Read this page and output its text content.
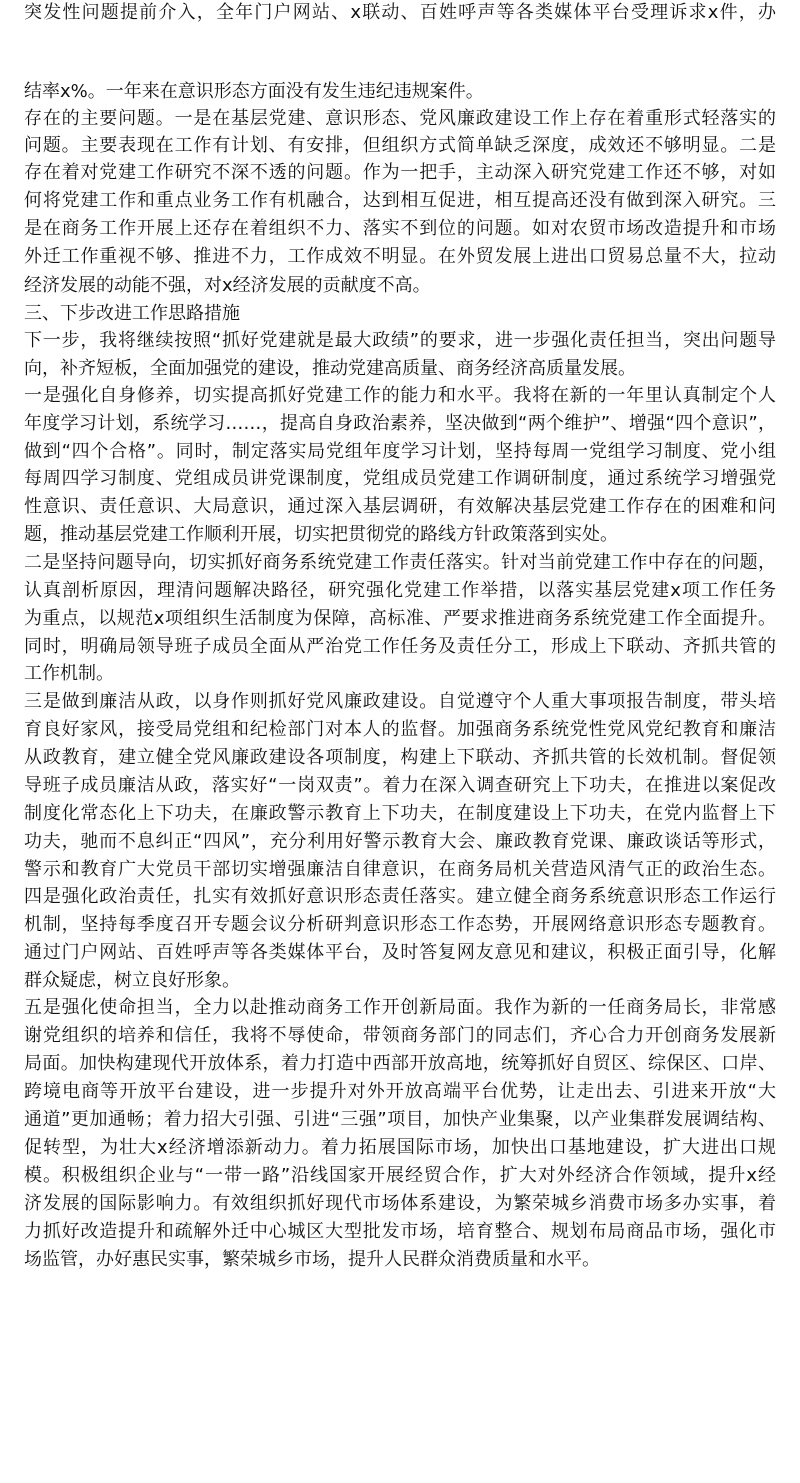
突发性问题提前介入，全年门户网站、x联动、百姓呼声等各类媒体平台受理诉求x件，办
结率x%。一年来在意识形态方面没有发生违纪违规案件。
存在的主要问题。一是在基层党建、意识形态、党风廉政建设工作上存在着重形式轻落实的
问题。主要表现在工作有计划、有安排，但组织方式简单缺乏深度，成效还不够明显。二是
存在着对党建工作研究不深不透的问题。作为一把手，主动深入研究党建工作还不够，对如
何将党建工作和重点业务工作有机融合，达到相互促进，相互提高还没有做到深入研究。三
是在商务工作开展上还存在着组织不力、落实不到位的问题。如对农贸市场改造提升和市场
外迁工作重视不够、推进不力，工作成效不明显。在外贸发展上进出口贸易总量不大，拉动
经济发展的动能不强，对x经济发展的贡献度不高。
三、下步改进工作思路措施
下一步，我将继续按照“抓好党建就是最大政绩”的要求，进一步强化责任担当，突出问题导
向，补齐短板，全面加强党的建设，推动党建高质量、商务经济高质量发展。
一是强化自身修养，切实提高抓好党建工作的能力和水平。我将在新的一年里认真制定个人
年度学习计划，系统学习……，提高自身政治素养，坚决做到“两个维护”、增强“四个意识”，
做到“四个合格”。同时，制定落实局党组年度学习计划，坚持每周一党组学习制度、党小组
每周四学习制度、党组成员讲党课制度，党组成员党建工作调研制度，通过系统学习增强党
性意识、责任意识、大局意识，通过深入基层调研，有效解决基层党建工作存在的困难和问
题，推动基层党建工作顺利开展，切实把贯彻党的路线方针政策落到实处。
二是坚持问题导向，切实抓好商务系统党建工作责任落实。针对当前党建工作中存在的问题，
认真剖析原因，理清问题解决路径，研究强化党建工作举措，以落实基层党建x项工作任务
为重点，以规范x项组织生活制度为保障，高标准、严要求推进商务系统党建工作全面提升。
同时，明确局领导班子成员全面从严治党工作任务及责任分工，形成上下联动、齐抓共管的
工作机制。
三是做到廉洁从政，以身作则抓好党风廉政建设。自觉遵守个人重大事项报告制度，带头培
育良好家风，接受局党组和纪检部门对本人的监督。加强商务系统党性党风党纪教育和廉洁
从政教育，建立健全党风廉政建设各项制度，构建上下联动、齐抓共管的长效机制。督促领
导班子成员廉洁从政，落实好“一岗双责”。着力在深入调查研究上下功夫，在推进以案促改
制度化常态化上下功夫，在廉政警示教育上下功夫，在制度建设上下功夫，在党内监督上下
功夫，驰而不息纠正“四风”，充分利用好警示教育大会、廉政教育党课、廉政谈话等形式，
警示和教育广大党员干部切实增强廉洁自律意识，在商务局机关营造风清气正的政治生态。
四是强化政治责任，扎实有效抓好意识形态责任落实。建立健全商务系统意识形态工作运行
机制，坚持每季度召开专题会议分析研判意识形态工作态势，开展网络意识形态专题教育。
通过门户网站、百姓呼声等各类媒体平台，及时答复网友意见和建议，积极正面引导，化解
群众疑虑，树立良好形象。
五是强化使命担当，全力以赴推动商务工作开创新局面。我作为新的一任商务局长，非常感
谢党组织的培养和信任，我将不辱使命，带领商务部门的同志们，齐心合力开创商务发展新
局面。加快构建现代开放体系，着力打造中西部开放高地，统筹抓好自贸区、综保区、口岸、
跨境电商等开放平台建设，进一步提升对外开放高端平台优势，让走出去、引进来开放“大
通道”更加通畅；着力招大引强、引进“三强”项目，加快产业集聚，以产业集群发展调结构、
促转型，为壮大x经济增添新动力。着力拓展国际市场，加快出口基地建设，扩大进出口规
模。积极组织企业与“一带一路”沿线国家开展经贸合作，扩大对外经济合作领域，提升x经
济发展的国际影响力。有效组织抓好现代市场体系建设，为繁荣城乡消费市场多办实事，着
力抓好改造提升和疏解外迁中心城区大型批发市场，培育整合、规划布局商品市场，强化市
场监管，办好惠民实事，繁荣城乡市场，提升人民群众消费质量和水平。
